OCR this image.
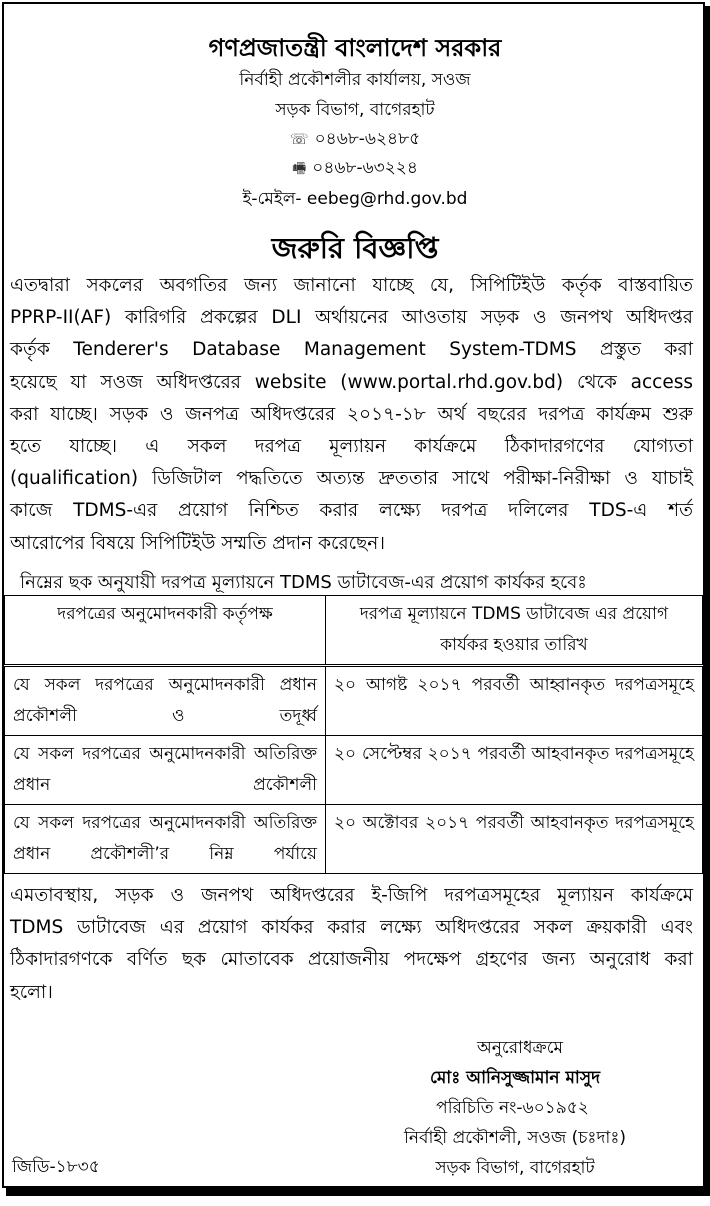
গণপ্রজাতন্ত্রী বাংলাদেশ সরকার
নির্বাহী প্রকৌশলীর কার্যালয়, সওজ
সড়ক বিভাগ, বাগেরহাট
☏ ০৪৬৮-৬২৪৮৫
🖷 ০৪৬৮-৬৩২২৪
ই-মেইল- eebeg@rhd.gov.bd
জরুরি বিজ্ঞপ্তি
এতদ্বারা সকলের অবগতির জন্য জানানো যাচ্ছে যে, সিপিটিইউ কর্তৃক বাস্তবায়িত
PPRP-II(AF) কারিগরি প্রকল্পের DLI অর্থায়নের আওতায় সড়ক ও জনপথ অধিদপ্তর
কর্তৃক Tenderer's Database Management System-TDMS প্রস্তুত করা
হয়েছে যা সওজ অধিদপ্তরের website (www.portal.rhd.gov.bd) থেকে access
করা যাচ্ছে। সড়ক ও জনপত্র অধিদপ্তরের ২০১৭-১৮ অর্থ বছরের দরপত্র কার্যক্রম শুরু
হতে যাচ্ছে। এ সকল দরপত্র মূল্যায়ন কার্যক্রমে ঠিকাদারগণের যোগ্যতা
(qualification) ডিজিটাল পদ্ধতিতে অত্যন্ত দ্রুততার সাথে পরীক্ষা-নিরীক্ষা ও যাচাই
কাজে TDMS-এর প্রয়োগ নিশ্চিত করার লক্ষ্যে দরপত্র দলিলের TDS-এ শর্ত
আরোপের বিষয়ে সিপিটিইউ সম্মতি প্রদান করেছেন।
নিম্নের ছক অনুযায়ী দরপত্র মূল্যায়নে TDMS ডাটাবেজ-এর প্রয়োগ কার্যকর হবেঃ
দরপত্রের অনুমোদনকারী কর্তৃপক্ষ	দরপত্র মূল্যায়নে TDMS ডাটাবেজ এর প্রয়োগ কার্যকর হওয়ার তারিখ
যে সকল দরপত্রের অনুমোদনকারী প্রধান প্রকৌশলী ও তদূর্ধ্ব	২০ আগষ্ট ২০১৭ পরবর্তী আহ্বানকৃত দরপত্রসমূহে
যে সকল দরপত্রের অনুমোদনকারী অতিরিক্ত প্রধান প্রকৌশলী	২০ সেপ্টেম্বর ২০১৭ পরবর্তী আহবানকৃত দরপত্রসমূহে
যে সকল দরপত্রের অনুমোদনকারী অতিরিক্ত প্রধান প্রকৌশলী’র নিম্ন পর্যায়ে	২০ অক্টোবর ২০১৭ পরবর্তী আহবানকৃত দরপত্রসমূহে
এমতাবস্থায়, সড়ক ও জনপথ অধিদপ্তরের ই-জিপি দরপত্রসমূহের মূল্যায়ন কার্যক্রমে
TDMS ডাটাবেজ এর প্রয়োগ কার্যকর করার লক্ষ্যে অধিদপ্তরের সকল ক্রয়কারী এবং
ঠিকাদারগণকে বর্ণিত ছক মোতাবেক প্রয়োজনীয় পদক্ষেপ গ্রহণের জন্য অনুরোধ করা
হলো।
অনুরোধক্রমে
মোঃ আনিসুজ্জামান মাসুদ
পরিচিতি নং-৬০১৯৫২
নির্বাহী প্রকৌশলী, সওজ (চঃদাঃ)
সড়ক বিভাগ, বাগেরহাট
জিডি-১৮৩৫
